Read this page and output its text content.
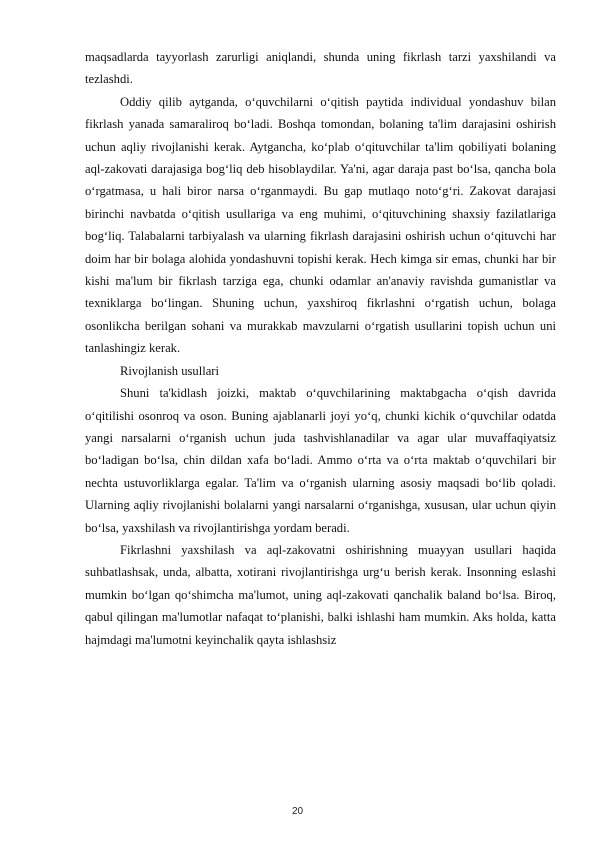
maqsadlarda tayyorlash zarurligi aniqlandi, shunda uning fikrlash tarzi yaxshilandi va tezlashdi.

Oddiy qilib aytganda, o‘quvchilarni o‘qitish paytida individual yondashuv bilan fikrlash yanada samaraliroq bo‘ladi. Boshqa tomondan, bolaning ta'lim darajasini oshirish uchun aqliy rivojlanishi kerak. Aytgancha, ko‘plab o‘qituvchilar ta'lim qobiliyati bolaning aql-zakovati darajasiga bog‘liq deb hisoblaydilar. Ya'ni, agar daraja past bo‘lsa, qancha bola o‘rgatmasa, u hali biror narsa o‘rganmaydi. Bu gap mutlaqo noto‘g‘ri. Zakovat darajasi birinchi navbatda o‘qitish usullariga va eng muhimi, o‘qituvchining shaxsiy fazilatlariga bog‘liq. Talabalarni tarbiyalash va ularning fikrlash darajasini oshirish uchun o‘qituvchi har doim har bir bolaga alohida yondashuvni topishi kerak. Hech kimga sir emas, chunki har bir kishi ma'lum bir fikrlash tarziga ega, chunki odamlar an'anaviy ravishda gumanistlar va texniklarga bo‘lingan. Shuning uchun, yaxshiroq fikrlashni o‘rgatish uchun, bolaga osonlikcha berilgan sohani va murakkab mavzularni o‘rgatish usullarini topish uchun uni tanlashingiz kerak.

Rivojlanish usullari

Shuni ta'kidlash joizki, maktab o‘quvchilarining maktabgacha o‘qish davrida o‘qitilishi osonroq va oson. Buning ajablanarli joyi yo‘q, chunki kichik o‘quvchilar odatda yangi narsalarni o‘rganish uchun juda tashvishlanadilar va agar ular muvaffaqiyatsiz bo‘ladigan bo‘lsa, chin dildan xafa bo‘ladi. Ammo o‘rta va o‘rta maktab o‘quvchilari bir nechta ustuvorliklarga egalar. Ta'lim va o‘rganish ularning asosiy maqsadi bo‘lib qoladi. Ularning aqliy rivojlanishi bolalarni yangi narsalarni o‘rganishga, xususan, ular uchun qiyin bo‘lsa, yaxshilash va rivojlantirishga yordam beradi.

Fikrlashni yaxshilash va aql-zakovatni oshirishning muayyan usullari haqida suhbatlashsak, unda, albatta, xotirani rivojlantirishga urg‘u berish kerak. Insonning eslashi mumkin bo‘lgan qo‘shimcha ma'lumot, uning aql-zakovati qanchalik baland bo‘lsa. Biroq, qabul qilingan ma'lumotlar nafaqat to‘planishi, balki ishlashi ham mumkin. Aks holda, katta hajmdagi ma'lumotni keyinchalik qayta ishlashsiz

20
